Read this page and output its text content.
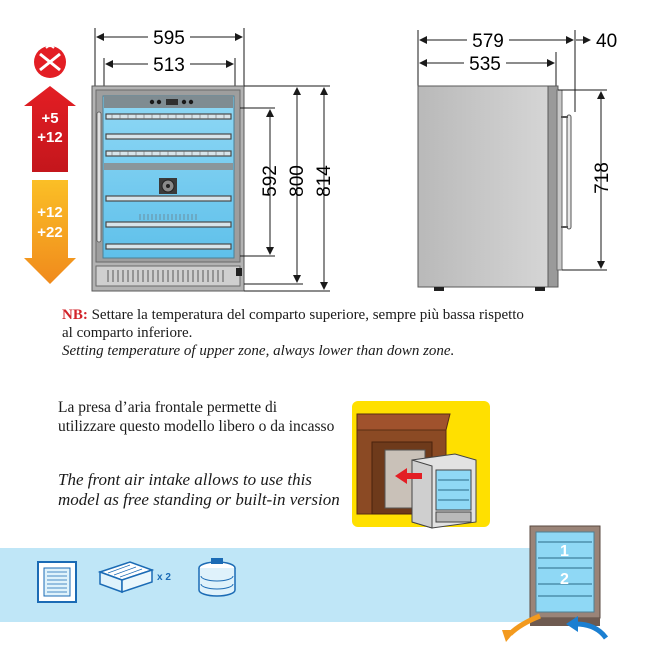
+5
+12
+12
+22
595
513
592 800 814
579
535
40
718
NB: Settare la temperatura del comparto superiore, sempre più bassa rispetto al comparto inferiore.
Setting temperature of upper zone, always lower than down zone.
La presa d’aria frontale permette di utilizzare questo modello libero o da incasso
The front air intake allows to use this model as free standing or built-in version
1
2
x 2
